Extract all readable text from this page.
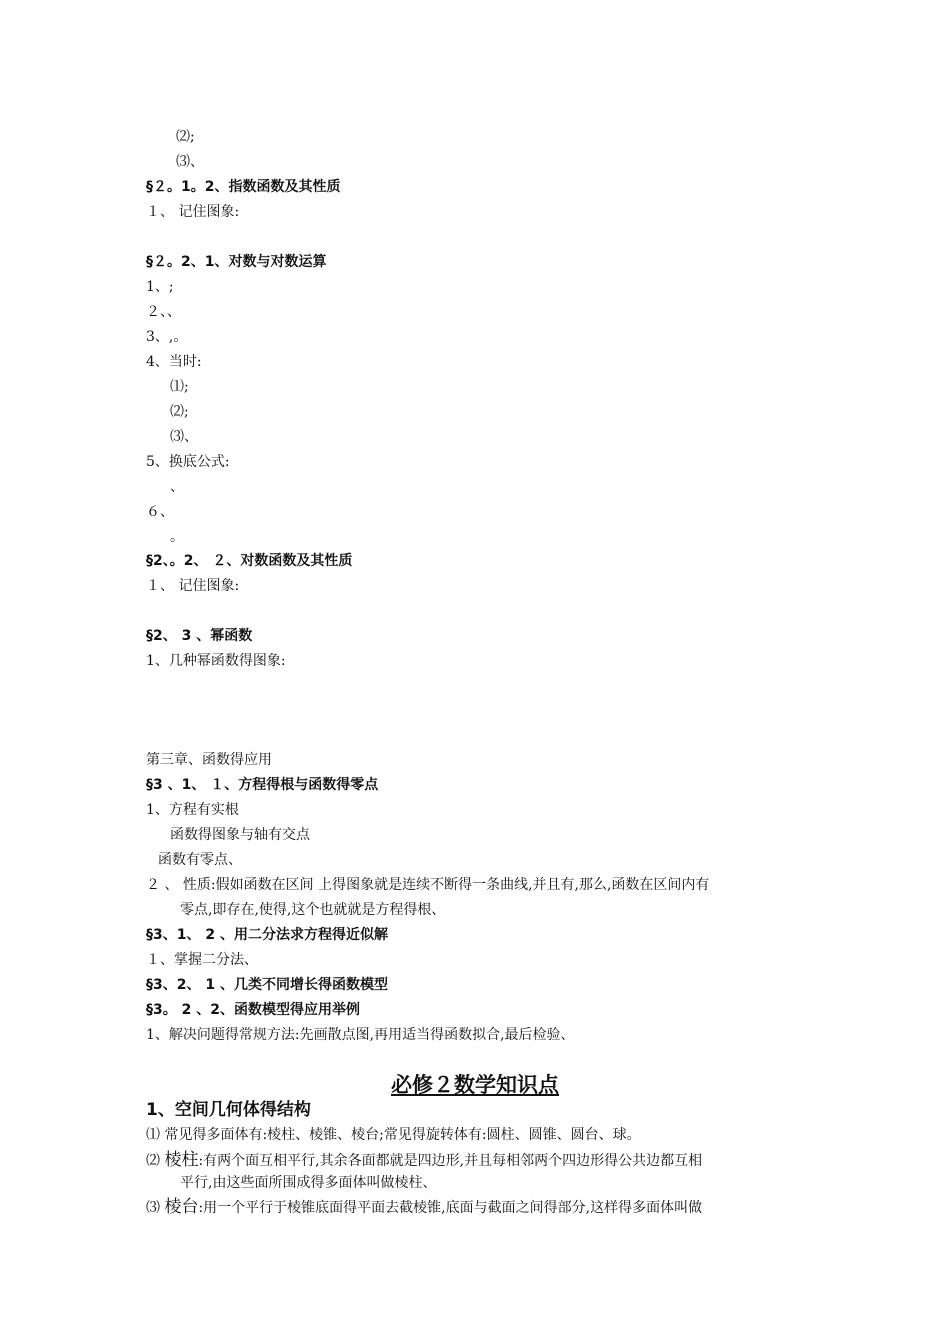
⑵;
⑶、
§２。1。2、指数函数及其性质
１、 记住图象:
§２。2、1、对数与对数运算
1、;
２、、
3、,。
4、当时:
⑴;
⑵;
⑶、
5、换底公式:
、
６、
。
§2、。2、 ２、对数函数及其性质
１、 记住图象:
§2、 3 、幂函数
1、几种幂函数得图象:
第三章、函数得应用
§3 、1、 １、方程得根与函数得零点
1、方程有实根
函数得图象与轴有交点
函数有零点、
２ 、 性质:假如函数在区间 上得图象就是连续不断得一条曲线,并且有,那么,函数在区间内有
零点,即存在,使得,这个也就就是方程得根、
§3、1、 2 、用二分法求方程得近似解
１、掌握二分法、
§3、2、 1 、几类不同增长得函数模型
§3。 2 、2、函数模型得应用举例
1、解决问题得常规方法:先画散点图,再用适当得函数拟合,最后检验、
必修２数学知识点
1、空间几何体得结构
⑴ 常见得多面体有:棱柱、棱锥、棱台;常见得旋转体有:圆柱、圆锥、圆台、球。
⑵ 棱柱:有两个面互相平行,其余各面都就是四边形,并且每相邻两个四边形得公共边都互相
平行,由这些面所围成得多面体叫做棱柱、
⑶ 棱台:用一个平行于棱锥底面得平面去截棱锥,底面与截面之间得部分,这样得多面体叫做
